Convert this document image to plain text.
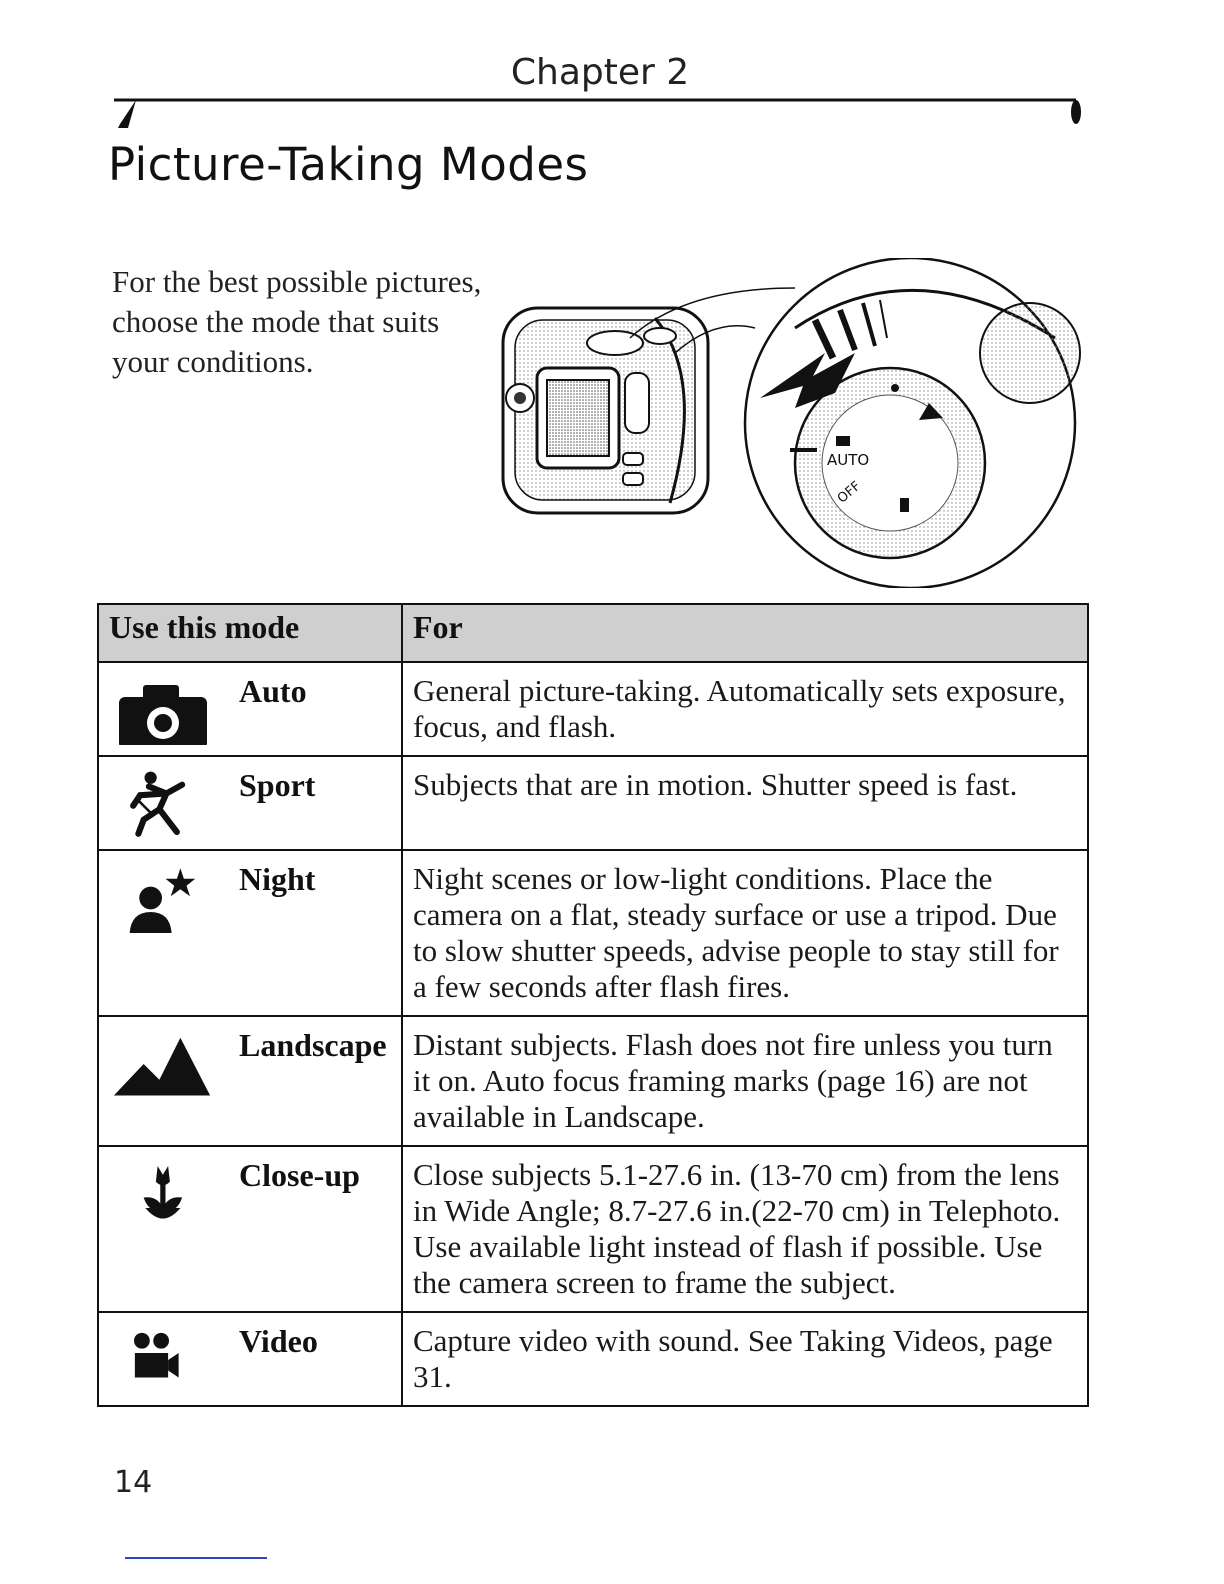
Chapter 2
Picture-Taking Modes
For the best possible pictures, choose the mode that suits your conditions.
AUTO
OFF
Use this mode	For

Auto	General picture-taking. Automatically sets exposure, focus, and flash.

Sport	Subjects that are in motion. Shutter speed is fast.

Night	Night scenes or low-light conditions. Place the camera on a flat, steady surface or use a tripod. Due to slow shutter speeds, advise people to stay still for a few seconds after flash fires.

Landscape	Distant subjects. Flash does not fire unless you turn it on. Auto focus framing marks (page 16) are not available in Landscape.

Close-up	Close subjects 5.1-27.6 in. (13-70 cm) from the lens in Wide Angle; 8.7-27.6 in.(22-70 cm) in Telephoto. Use available light instead of flash if possible. Use the camera screen to frame the subject.

Video	Capture video with sound. See Taking Videos, page 31.
14
